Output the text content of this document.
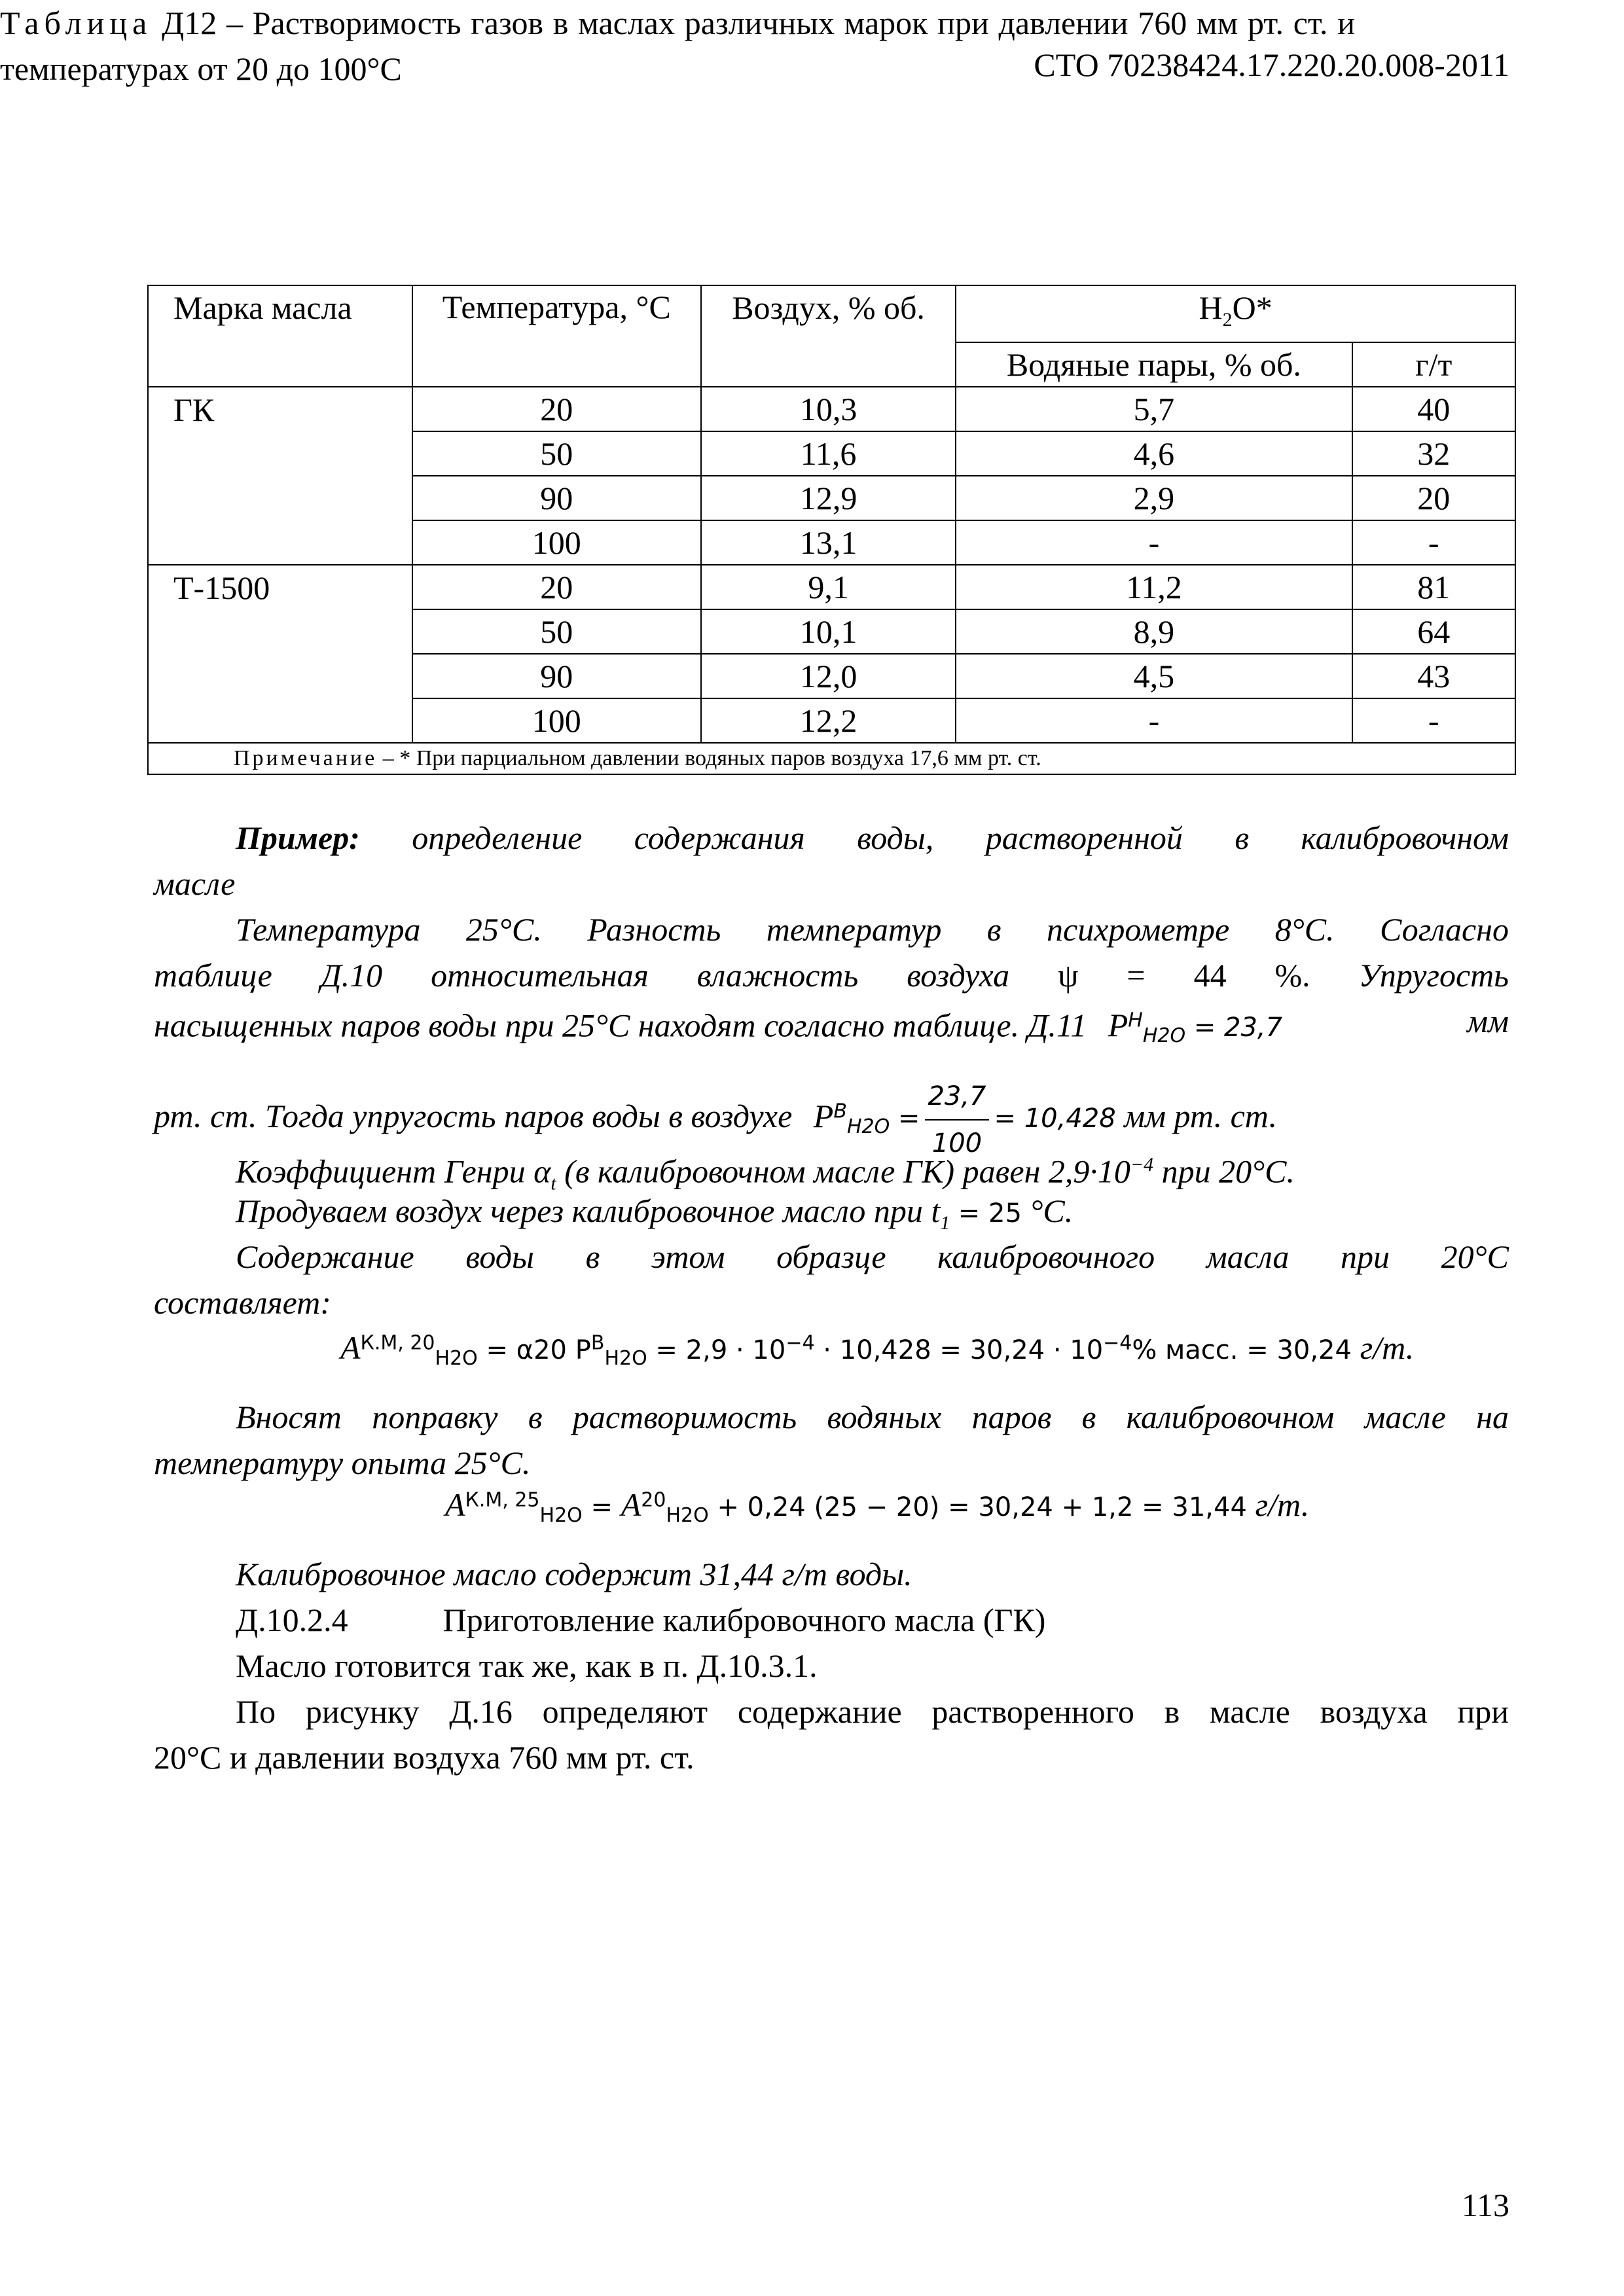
СТО 70238424.17.220.20.008-2011
Таблица Д12 – Растворимость газов в маслах различных марок при давлении 760 мм рт. ст. и температурах от 20 до 100°С
Марка масла	Температура, °С	Воздух, % об.	$H_2O*$	
			Водяные пары, % об.	г/т
ГК	20	10,3	5,7	40
	50	11,6	4,6	32
	90	12,9	2,9	20
	100	13,1	-	-
Т-1500	20	9,1	11,2	81
	50	10,1	8,9	64
	90	12,0	4,5	43
	100	12,2	-	-
Примечание – * При парциальном давлении водяных паров воздуха 17,6 мм рт. ст.				
Пример: определение содержания воды, растворенной в калибровочном
масле
Температура 25°С. Разность температур в психрометре 8°С. Согласно
таблице Д.10 относительная влажность воздуха ψ = 44 %. Упругость
насыщенных паров воды при 25°С находят согласно таблице. Д.11 $P^Н_{H2O} = 23,7$	мм
рт. ст. Тогда упругость паров воды в воздухе $P^B_{H2O} = \frac{23,7}{100} = 10,428$ мм рт. ст.
Коэффициент Генри $\alpha_t$ (в калибровочном масле ГК) равен $2,9\cdot 10^{-4}$ при 20°С.
Продуваем воздух через калибровочное масло при $t_1 = 25$ °С.
Содержание воды в этом образце калибровочного масла при 20°С
составляет:
$A^{К.М, 20}_{H2O} = \alpha 20$ $P^B_{H2O} = 2,9 \cdot 10^{-4} \cdot 10,428 = 30,24 \cdot 10^{-4}\%$ масс. = 30,24 г/т.
Вносят поправку в растворимость водяных паров в калибровочном масле на
температуру опыта 25°С.
$A^{К.М, 25}_{H2O} = A^{20}_{H2O} + 0,24$ (25 − 20) = 30,24 + 1,2 = 31,44 г/т.
Калибровочное масло содержит 31,44 г/т воды.
Д.10.2.4	Приготовление калибровочного масла (ГК)
Масло готовится так же, как в п. Д.10.3.1.
По рисунку Д.16 определяют содержание растворенного в масле воздуха при
20°С и давлении воздуха 760 мм рт. ст.
113
